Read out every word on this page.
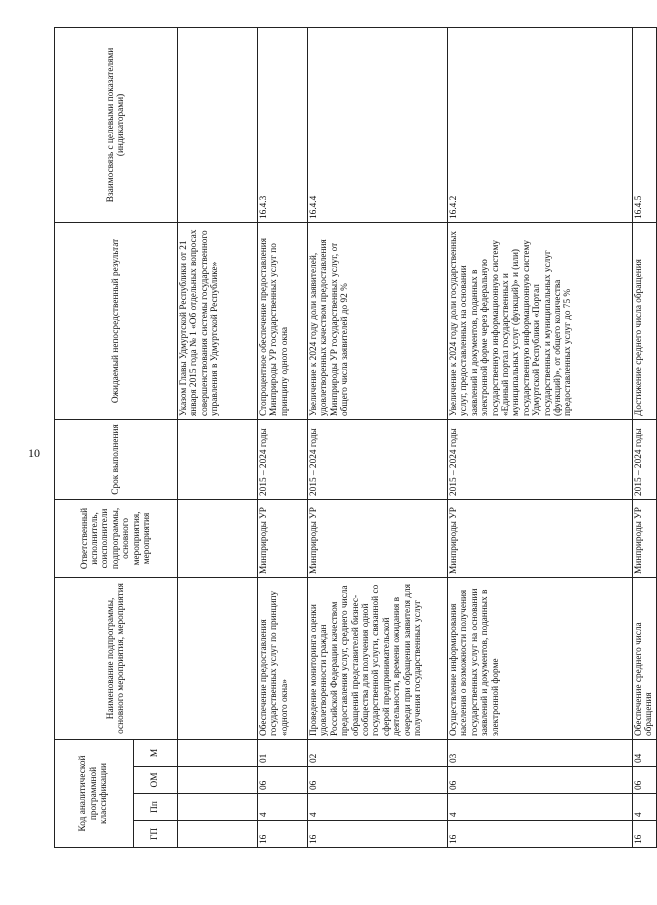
10
Код аналитической программной классификации				Наименование подпрограммы, основного мероприятия, мероприятия	Ответственный исполнитель, соисполнители подпрограммы, основного мероприятия, мероприятия	Срок выполнения	Ожидаемый непосредственный результат	Взаимосвязь с целевыми показателями (индикаторами)
ГП	Пп	ОМ	М					
							Указом Главы Удмуртской Республики от 21 января 2015 года № 1 «Об отдельных вопросах совершенствования системы государственного управления в Удмуртской Республике»	
16	4	06	01	Обеспечение предоставления государственных услуг по принципу «одного окна»	Минприроды УР	2015 – 2024 годы	Стопроцентное обеспечение предоставления Минприроды УР государственных услуг по принципу одного окна	16.4.3
16	4	06	02	Проведение мониторинга оценки удовлетворенности граждан Российской Федерации качеством предоставления услуг, среднего числа обращений представителей бизнес-сообщества для получения одной государственной услуги, связанной со сферой предпринимательской деятельности, времени ожидания в очереди при обращении заявителя для получения государственных услуг	Минприроды УР	2015 – 2024 годы	Увеличение к 2024 году доли заявителей, удовлетворенных качеством предоставления Минприроды УР государственных услуг, от общего числа заявителей до 92 %	16.4.4
16	4	06	03	Осуществление информирования населения о возможности получения государственных услуг на основании заявлений и документов, поданных в электронной форме	Минприроды УР	2015 – 2024 годы	Увеличение к 2024 году доли государственных услуг, предоставленных на основании заявлений и документов, поданных в электронной форме через федеральную государственную информационную систему «Единый портал государственных и муниципальных услуг (функций)» и (или) государственную информационную систему Удмуртской Республики «Портал государственных и муниципальных услуг (функций)», от общего количества предоставленных услуг до 75 %	16.4.2
16	4	06	04	Обеспечение среднего числа обращения	Минприроды УР	2015 – 2024 годы	Достижение среднего числа обращения	16.4.5
